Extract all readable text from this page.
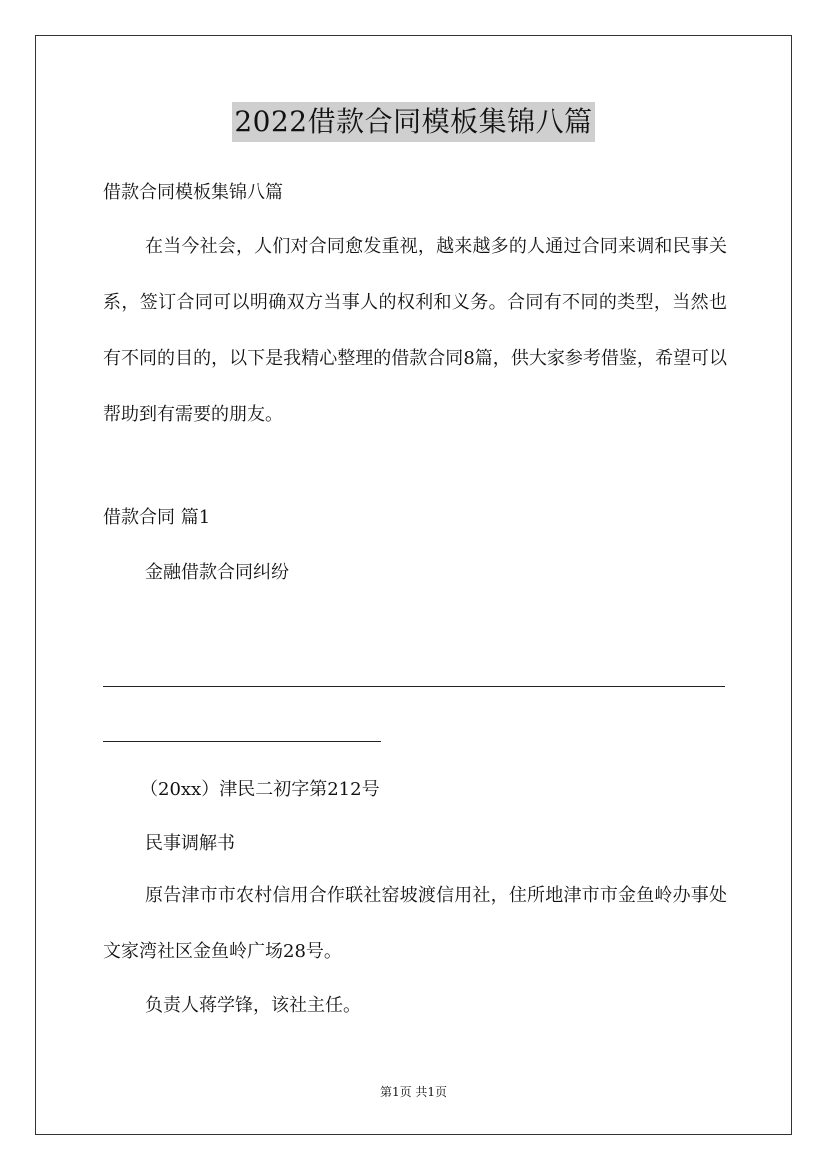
2022借款合同模板集锦八篇
借款合同模板集锦八篇
在当今社会，人们对合同愈发重视，越来越多的人通过合同来调和民事关系，签订合同可以明确双方当事人的权利和义务。合同有不同的类型，当然也有不同的目的，以下是我精心整理的借款合同8篇，供大家参考借鉴，希望可以帮助到有需要的朋友。
借款合同 篇1
金融借款合同纠纷
（20xx）津民二初字第212号
民事调解书
原告津市市农村信用合作联社窑坡渡信用社，住所地津市市金鱼岭办事处文家湾社区金鱼岭广场28号。
负责人蒋学锋，该社主任。
第1页 共1页
